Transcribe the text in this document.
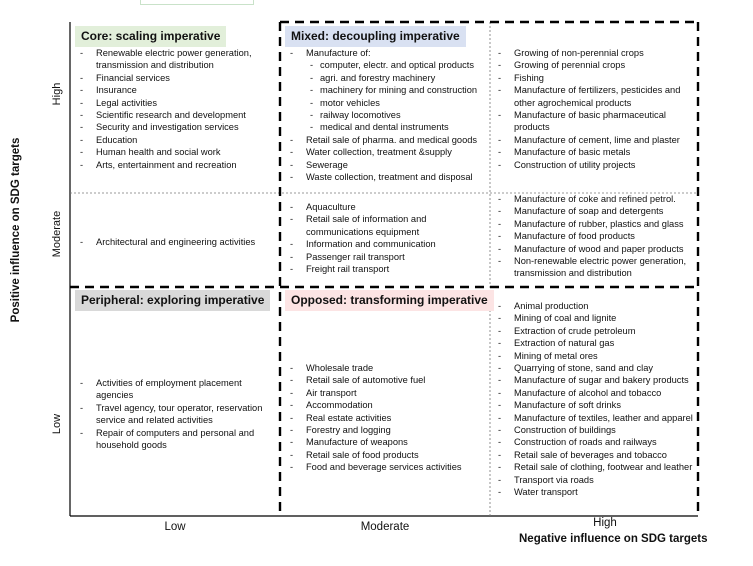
Positive influence on SDG targets
High
Moderate
Low
Low	Moderate	High
Negative influence on SDG targets
Core: scaling imperative	Mixed: decoupling imperative
Peripheral: exploring imperative	Opposed: transforming imperative
- Renewable electric power generation,
transmission and distribution
- Financial services
- Insurance
- Legal activities
- Scientific research and development
- Security and investigation services
- Education
- Human health and social work
- Arts, entertainment and recreation
- Manufacture of:
- computer, electr. and optical products
- agri. and forestry machinery
- machinery for mining and construction
- motor vehicles
- railway locomotives
- medical and dental instruments
- Retail sale of pharma. and medical goods
- Water collection, treatment &supply
- Sewerage
- Waste collection, treatment and disposal
- Growing of non-perennial crops
- Growing of perennial crops
- Fishing
- Manufacture of fertilizers, pesticides and
other agrochemical products
- Manufacture of basic pharmaceutical
products
- Manufacture of cement, lime and plaster
- Manufacture of basic metals
- Construction of utility projects
- Architectural and engineering activities
- Aquaculture
- Retail sale of information and
communications equipment
- Information and communication
- Passenger rail transport
- Freight rail transport
- Manufacture of coke and refined petrol.
- Manufacture of soap and detergents
- Manufacture of rubber, plastics and glass
- Manufacture of food products
- Manufacture of wood and paper products
- Non-renewable electric power generation,
transmission and distribution
- Activities of employment placement
agencies
- Travel agency, tour operator, reservation
service and related activities
- Repair of computers and personal and
household goods
- Wholesale trade
- Retail sale of automotive fuel
- Air transport
- Accommodation
- Real estate activities
- Forestry and logging
- Manufacture of weapons
- Retail sale of food products
- Food and beverage services activities
- Animal production
- Mining of coal and lignite
- Extraction of crude petroleum
- Extraction of natural gas
- Mining of metal ores
- Quarrying of stone, sand and clay
- Manufacture of sugar and bakery products
- Manufacture of alcohol and tobacco
- Manufacture of soft drinks
- Manufacture of textiles, leather and apparel
- Construction of buildings
- Construction of roads and railways
- Retail sale of beverages and tobacco
- Retail sale of clothing, footwear and leather
- Transport via roads
- Water transport
